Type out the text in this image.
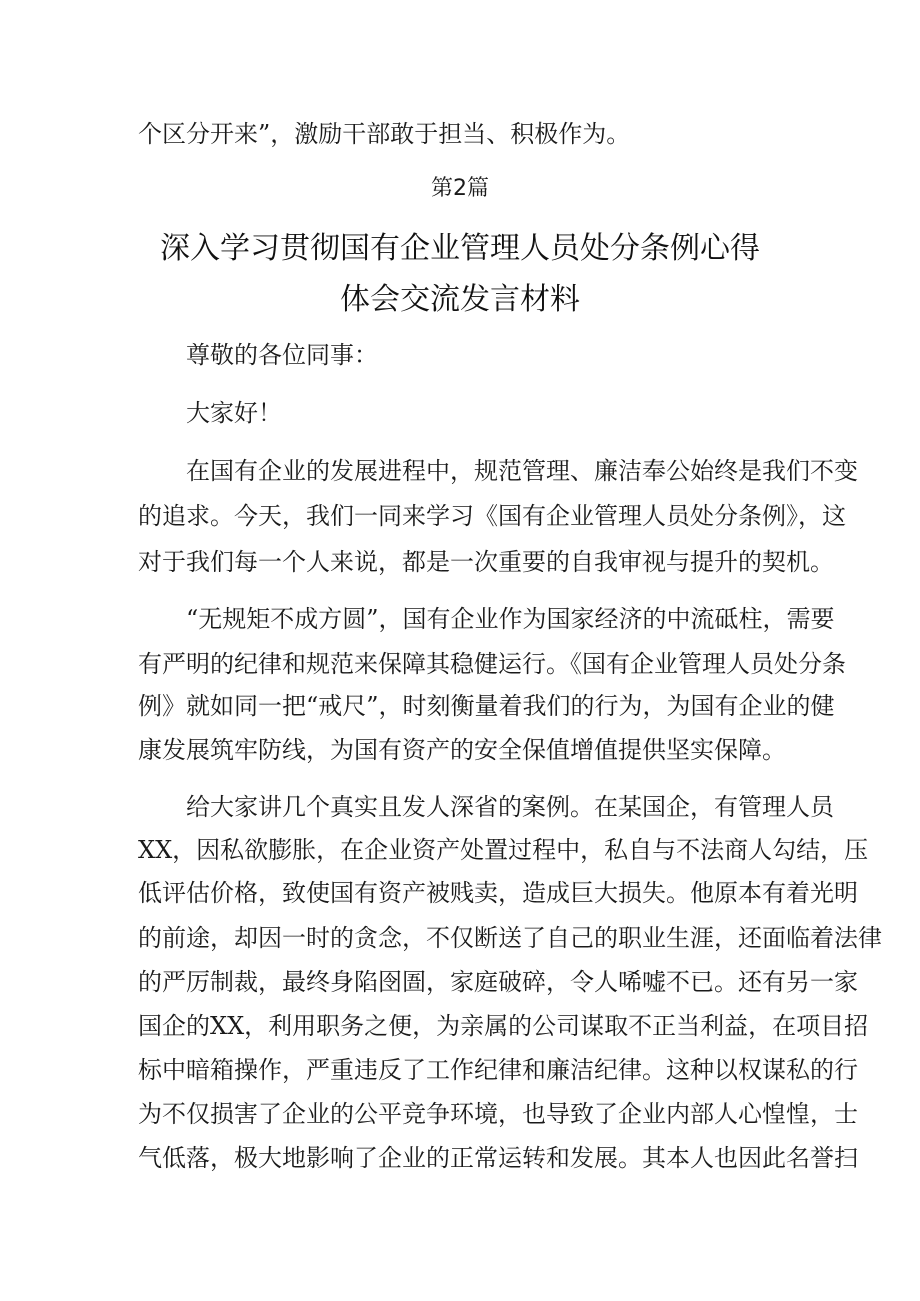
个区分开来”，激励干部敢于担当、积极作为。
第2篇
深入学习贯彻国有企业管理人员处分条例心得
体会交流发言材料
尊敬的各位同事：
大家好！
在国有企业的发展进程中，规范管理、廉洁奉公始终是我们不变
的追求。今天，我们一同来学习《国有企业管理人员处分条例》，这
对于我们每一个人来说，都是一次重要的自我审视与提升的契机。
“无规矩不成方圆”，国有企业作为国家经济的中流砥柱，需要
有严明的纪律和规范来保障其稳健运行。《国有企业管理人员处分条
例》就如同一把“戒尺”，时刻衡量着我们的行为，为国有企业的健
康发展筑牢防线，为国有资产的安全保值增值提供坚实保障。
给大家讲几个真实且发人深省的案例。在某国企，有管理人员
XX，因私欲膨胀，在企业资产处置过程中，私自与不法商人勾结，压
低评估价格，致使国有资产被贱卖，造成巨大损失。他原本有着光明
的前途，却因一时的贪念，不仅断送了自己的职业生涯，还面临着法律
的严厉制裁，最终身陷囹圄，家庭破碎，令人唏嘘不已。还有另一家
国企的XX，利用职务之便，为亲属的公司谋取不正当利益，在项目招
标中暗箱操作，严重违反了工作纪律和廉洁纪律。这种以权谋私的行
为不仅损害了企业的公平竞争环境，也导致了企业内部人心惶惶，士
气低落，极大地影响了企业的正常运转和发展。其本人也因此名誉扫
